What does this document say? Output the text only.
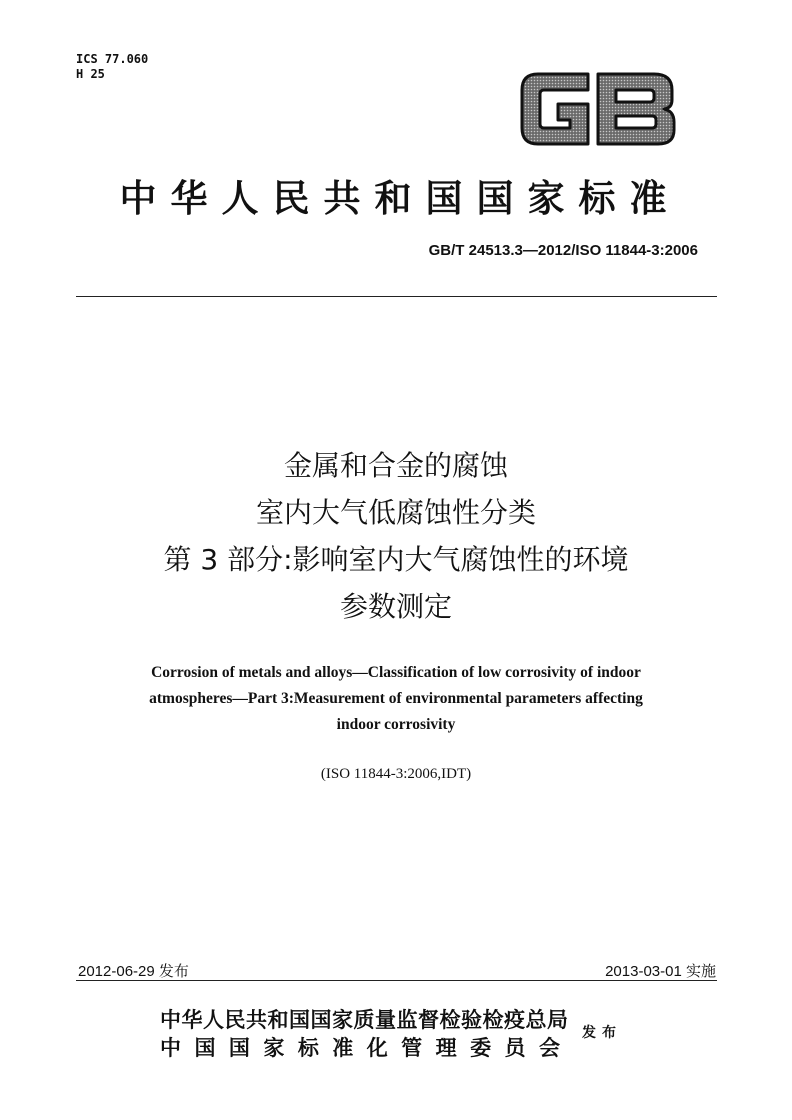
ICS 77.060
H 25
中华人民共和国国家标准
GB/T 24513.3—2012/ISO 11844-3:2006
金属和合金的腐蚀
室内大气低腐蚀性分类
第 3 部分:影响室内大气腐蚀性的环境
参数测定
Corrosion of metals and alloys—Classification of low corrosivity of indoor
atmospheres—Part 3:Measurement of environmental parameters affecting
indoor corrosivity
(ISO 11844-3:2006,IDT)
2012-06-29 发布	2013-03-01 实施
中华人民共和国国家质量监督检验检疫总局
中国国家标准化管理委员会
发布
